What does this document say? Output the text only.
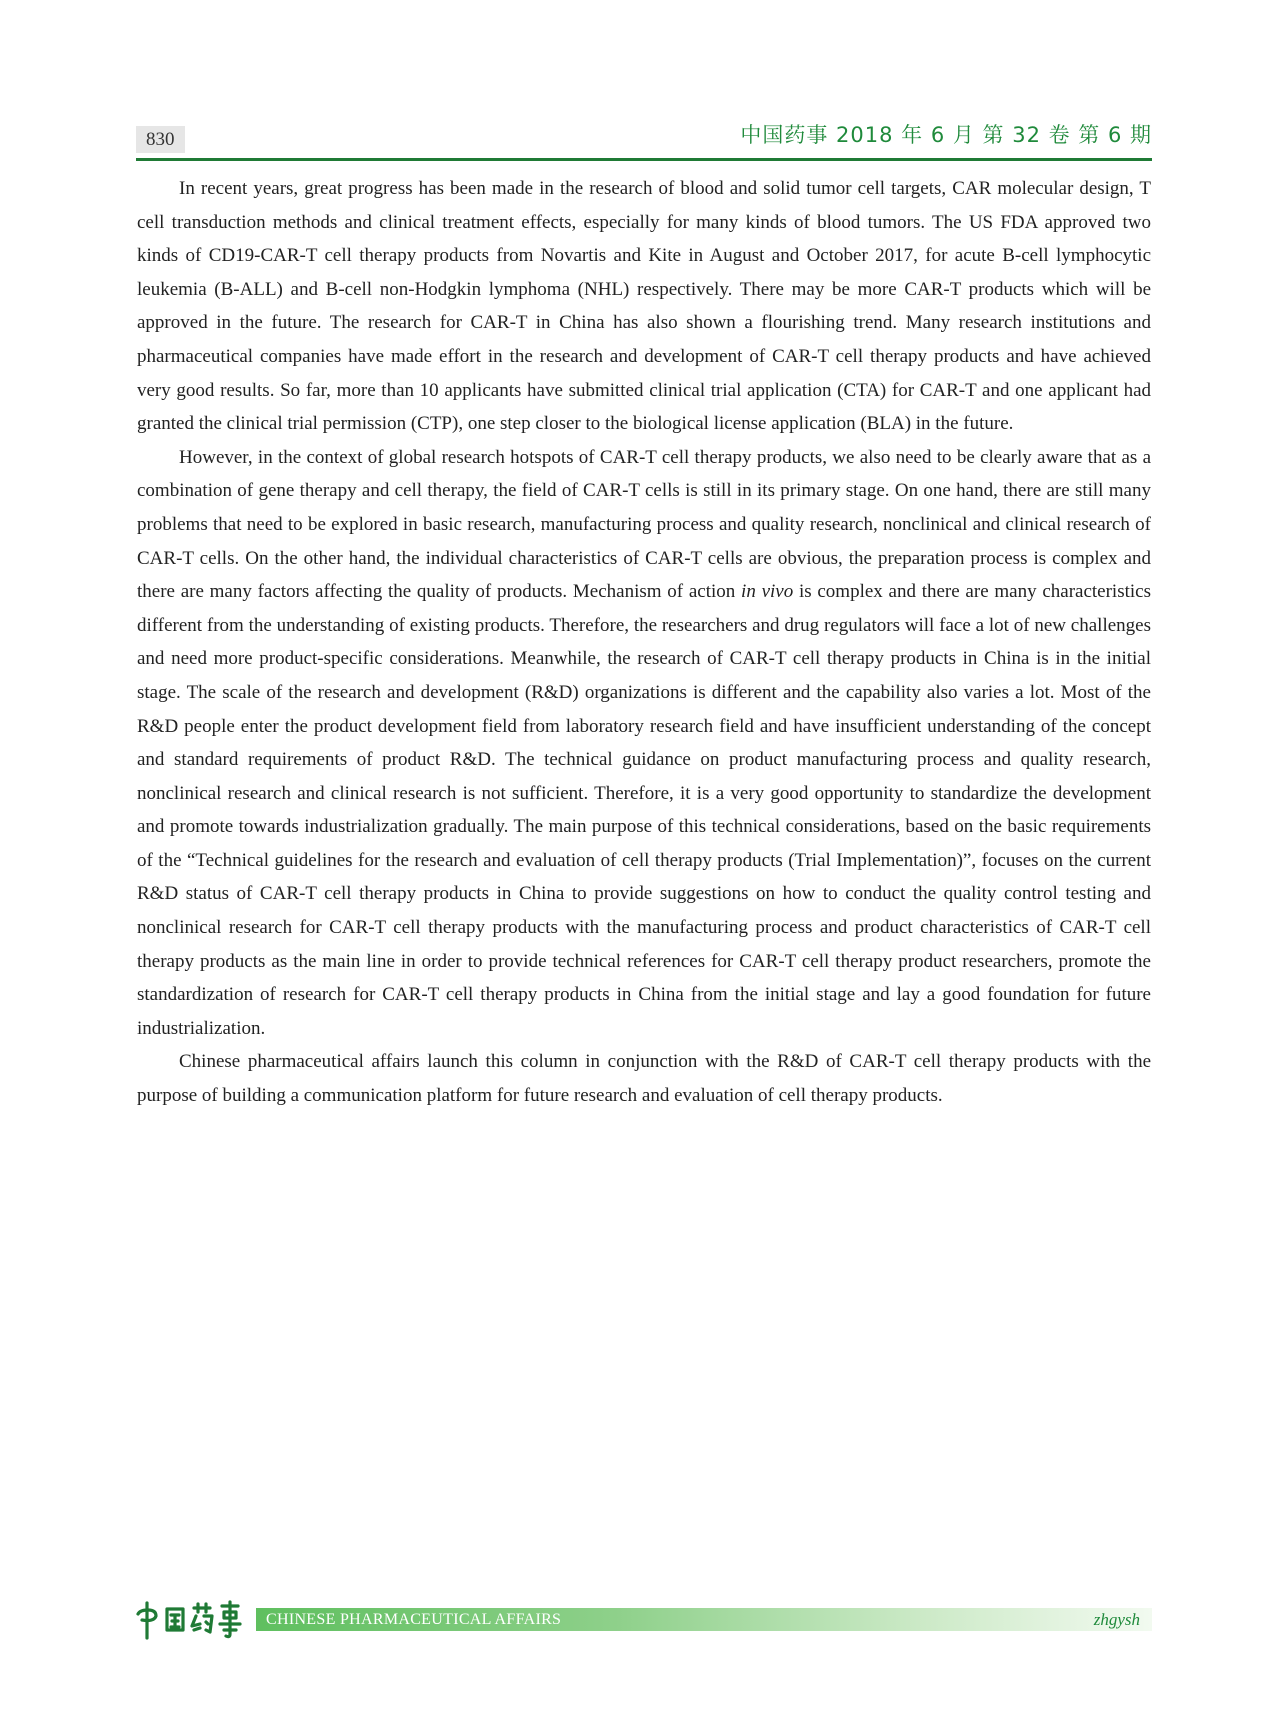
830	中国药事 2018 年 6 月 第 32 卷 第 6 期

In recent years, great progress has been made in the research of blood and solid tumor cell targets, CAR molecular design, T cell transduction methods and clinical treatment effects, especially for many kinds of blood tumors. The US FDA approved two kinds of CD19-CAR-T cell therapy products from Novartis and Kite in August and October 2017, for acute B-cell lymphocytic leukemia (B-ALL) and B-cell non-Hodgkin lymphoma (NHL) respectively. There may be more CAR-T products which will be approved in the future. The research for CAR-T in China has also shown a flourishing trend. Many research institutions and pharmaceutical companies have made effort in the research and development of CAR-T cell therapy products and have achieved very good results. So far, more than 10 applicants have submitted clinical trial application (CTA) for CAR-T and one applicant had granted the clinical trial permission (CTP), one step closer to the biological license application (BLA) in the future.

However, in the context of global research hotspots of CAR-T cell therapy products, we also need to be clearly aware that as a combination of gene therapy and cell therapy, the field of CAR-T cells is still in its primary stage. On one hand, there are still many problems that need to be explored in basic research, manufacturing process and quality research, nonclinical and clinical research of CAR-T cells. On the other hand, the individual characteristics of CAR-T cells are obvious, the preparation process is complex and there are many factors affecting the quality of products. Mechanism of action in vivo is complex and there are many characteristics different from the understanding of existing products. Therefore, the researchers and drug regulators will face a lot of new challenges and need more product-specific considerations. Meanwhile, the research of CAR-T cell therapy products in China is in the initial stage. The scale of the research and development (R&D) organizations is different and the capability also varies a lot. Most of the R&D people enter the product development field from laboratory research field and have insufficient understanding of the concept and standard requirements of product R&D. The technical guidance on product manufacturing process and quality research, nonclinical research and clinical research is not sufficient. Therefore, it is a very good opportunity to standardize the development and promote towards industrialization gradually. The main purpose of this technical considerations, based on the basic requirements of the “Technical guidelines for the research and evaluation of cell therapy products (Trial Implementation)”, focuses on the current R&D status of CAR-T cell therapy products in China to provide suggestions on how to conduct the quality control testing and nonclinical research for CAR-T cell therapy products with the manufacturing process and product characteristics of CAR-T cell therapy products as the main line in order to provide technical references for CAR-T cell therapy product researchers, promote the standardization of research for CAR-T cell therapy products in China from the initial stage and lay a good foundation for future industrialization.

Chinese pharmaceutical affairs launch this column in conjunction with the R&D of CAR-T cell therapy products with the purpose of building a communication platform for future research and evaluation of cell therapy products.

CHINESE PHARMACEUTICAL AFFAIRS	zhgysh
